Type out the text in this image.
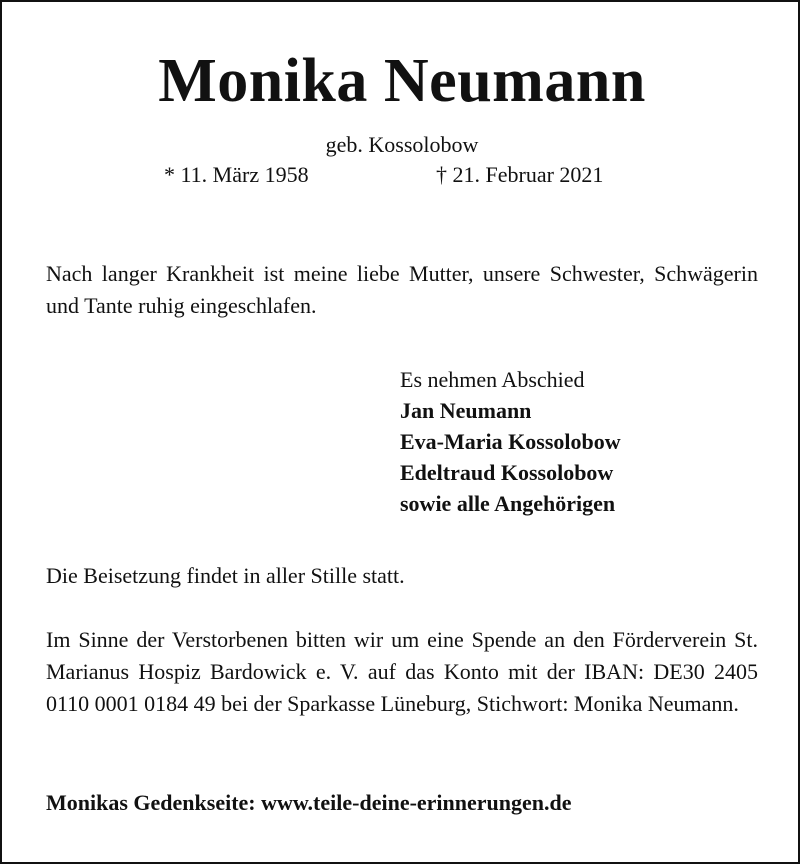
Monika Neumann
geb. Kossolobow
* 11. März 1958	† 21. Februar 2021
Nach langer Krankheit ist meine liebe Mutter, unsere Schwester, Schwägerin und Tante ruhig eingeschlafen.
Es nehmen Abschied
Jan Neumann
Eva-Maria Kossolobow
Edeltraud Kossolobow
sowie alle Angehörigen
Die Beisetzung findet in aller Stille statt.
Im Sinne der Verstorbenen bitten wir um eine Spende an den Förderverein St. Marianus Hospiz Bardowick e. V. auf das Konto mit der IBAN: DE30 2405 0110 0001 0184 49 bei der Sparkasse Lüneburg, Stichwort: Monika Neumann.
Monikas Gedenkseite: www.teile-deine-erinnerungen.de
